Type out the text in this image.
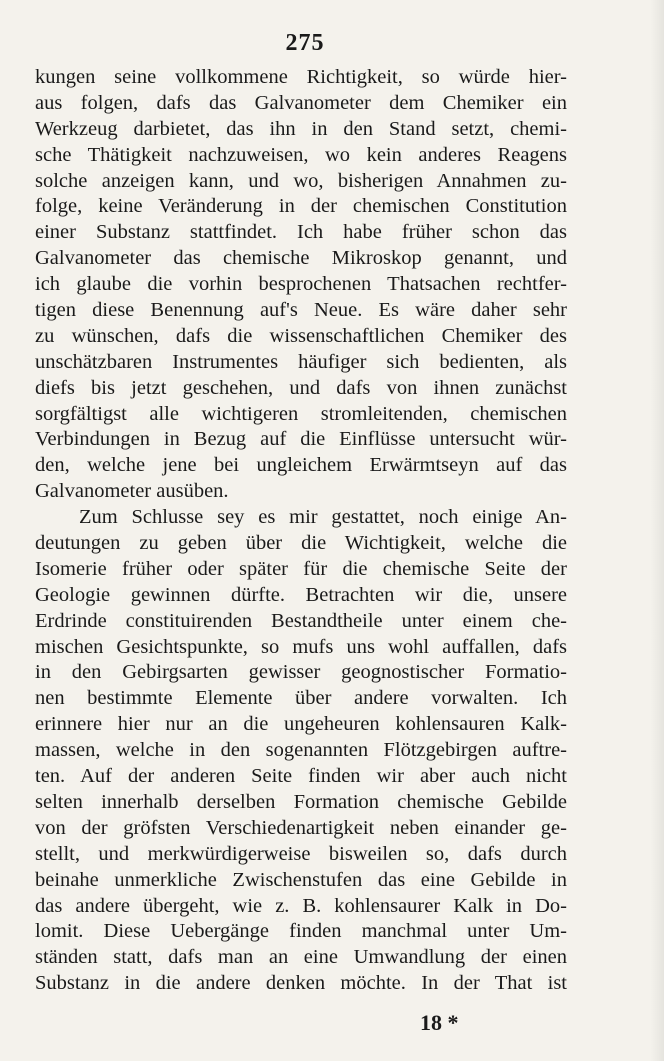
275
kungen seine vollkommene Richtigkeit, so würde hier-
aus folgen, dafs das Galvanometer dem Chemiker ein
Werkzeug darbietet, das ihn in den Stand setzt, chemi-
sche Thätigkeit nachzuweisen, wo kein anderes Reagens
solche anzeigen kann, und wo, bisherigen Annahmen zu-
folge, keine Veränderung in der chemischen Constitution
einer Substanz stattfindet. Ich habe früher schon das
Galvanometer das chemische Mikroskop genannt, und
ich glaube die vorhin besprochenen Thatsachen rechtfer-
tigen diese Benennung auf's Neue. Es wäre daher sehr
zu wünschen, dafs die wissenschaftlichen Chemiker des
unschätzbaren Instrumentes häufiger sich bedienten, als
diefs bis jetzt geschehen, und dafs von ihnen zunächst
sorgfältigst alle wichtigeren stromleitenden, chemischen
Verbindungen in Bezug auf die Einflüsse untersucht wür-
den, welche jene bei ungleichem Erwärmtseyn auf das
Galvanometer ausüben.
Zum Schlusse sey es mir gestattet, noch einige An-
deutungen zu geben über die Wichtigkeit, welche die
Isomerie früher oder später für die chemische Seite der
Geologie gewinnen dürfte. Betrachten wir die, unsere
Erdrinde constituirenden Bestandtheile unter einem che-
mischen Gesichtspunkte, so mufs uns wohl auffallen, dafs
in den Gebirgsarten gewisser geognostischer Formatio-
nen bestimmte Elemente über andere vorwalten. Ich
erinnere hier nur an die ungeheuren kohlensauren Kalk-
massen, welche in den sogenannten Flötzgebirgen auftre-
ten. Auf der anderen Seite finden wir aber auch nicht
selten innerhalb derselben Formation chemische Gebilde
von der gröfsten Verschiedenartigkeit neben einander ge-
stellt, und merkwürdigerweise bisweilen so, dafs durch
beinahe unmerkliche Zwischenstufen das eine Gebilde in
das andere übergeht, wie z. B. kohlensaurer Kalk in Do-
lomit. Diese Uebergänge finden manchmal unter Um-
ständen statt, dafs man an eine Umwandlung der einen
Substanz in die andere denken möchte. In der That ist
18 *
